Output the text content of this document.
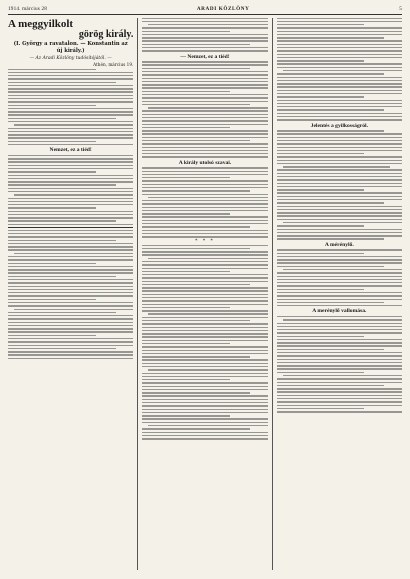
1914. március 28	ARADI KÖZLÖNY	5
A meggyilkolt
görög király.
(I. György a ravatalon. — Konstantin az
új király.)
— Az Aradi Közlöny tudósítójától. —
Athén, március 19.
Nemzet, ez a tiéd!
— Nemzet, ez a tiéd!
A király utolsó szavai.
* * *
Jelentés a gyilkosságról.
A mérénylő.
A merénylő vallomása.
